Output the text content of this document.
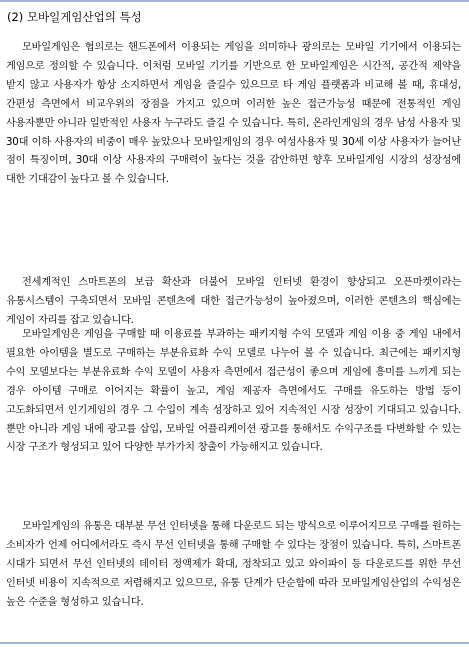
(2) 모바일게임산업의 특성

모바일게임은 협의로는 핸드폰에서 이용되는 게임을 의미하나 광의로는 모바일 기기에서 이용되는 게임으로 정의할 수 있습니다. 이처럼 모바일 기기를 기반으로 한 모바일게임은 시간적, 공간적 제약을 받지 않고 사용자가 항상 소지하면서 게임을 즐길수 있으므로 타 게임 플랫폼과 비교해 볼 때, 휴대성, 간편성 측면에서 비교우위의 장점을 가지고 있으며 이러한 높은 접근가능성 때문에 전통적인 게임 사용자뿐만 아니라 일반적인 사용자 누구라도 즐길 수 있습니다. 특히, 온라인게임의 경우 남성 사용자 및 30대 이하 사용자의 비중이 매우 높았으나 모바일게임의 경우 여성사용자 및 30세 이상 사용자가 늘어난 점이 특징이며, 30대 이상 사용자의 구매력이 높다는 것을 감안하면 향후 모바일게임 시장의 성장성에 대한 기대감이 높다고 볼 수 있습니다.

전세계적인 스마트폰의 보급 확산과 더불어 모바일 인터넷 환경이 향상되고 오픈마켓이라는 유통시스템이 구축되면서 모바일 콘텐츠에 대한 접근가능성이 높아졌으며, 이러한 콘텐츠의 핵심에는 게임이 자리를 잡고 있습니다.

모바일게임은 게임을 구매할 때 이용료를 부과하는 패키지형 수익 모델과 게임 이용 중 게임 내에서 필요한 아이템을 별도로 구매하는 부분유료화 수익 모델로 나누어 볼 수 있습니다. 최근에는 패키지형 수익 모델보다는 부분유료화 수익 모델이 사용자 측면에서 접근성이 좋으며 게임에 흥미를 느끼게 되는 경우 아이템 구매로 이어지는 확률이 높고, 게임 제공자 측면에서도 구매를 유도하는 방법 등이 고도화되면서 인기게임의 경우 그 수입이 계속 성장하고 있어 지속적인 시장 성장이 기대되고 있습니다. 뿐만 아니라 게임 내에 광고를 삽입, 모바일 어플리케이션 광고를 통해서도 수익구조를 다변화할 수 있는 시장 구조가 형성되고 있어 다양한 부가가치 창출이 가능해지고 있습니다.

모바일게임의 유통은 대부분 무선 인터넷을 통해 다운로드 되는 방식으로 이루어지므로 구매를 원하는 소비자가 언제 어디에서라도 즉시 무선 인터넷을 통해 구매할 수 있다는 장점이 있습니다. 특히, 스마트폰 시대가 되면서 무선 인터넷의 데이터 정액제가 확대, 정착되고 있고 와이파이 등 다운로드를 위한 무선 인터넷 비용이 지속적으로 저렴해지고 있으므로, 유통 단계가 단순함에 따라 모바일게임산업의 수익성은 높은 수준을 형성하고 있습니다.
